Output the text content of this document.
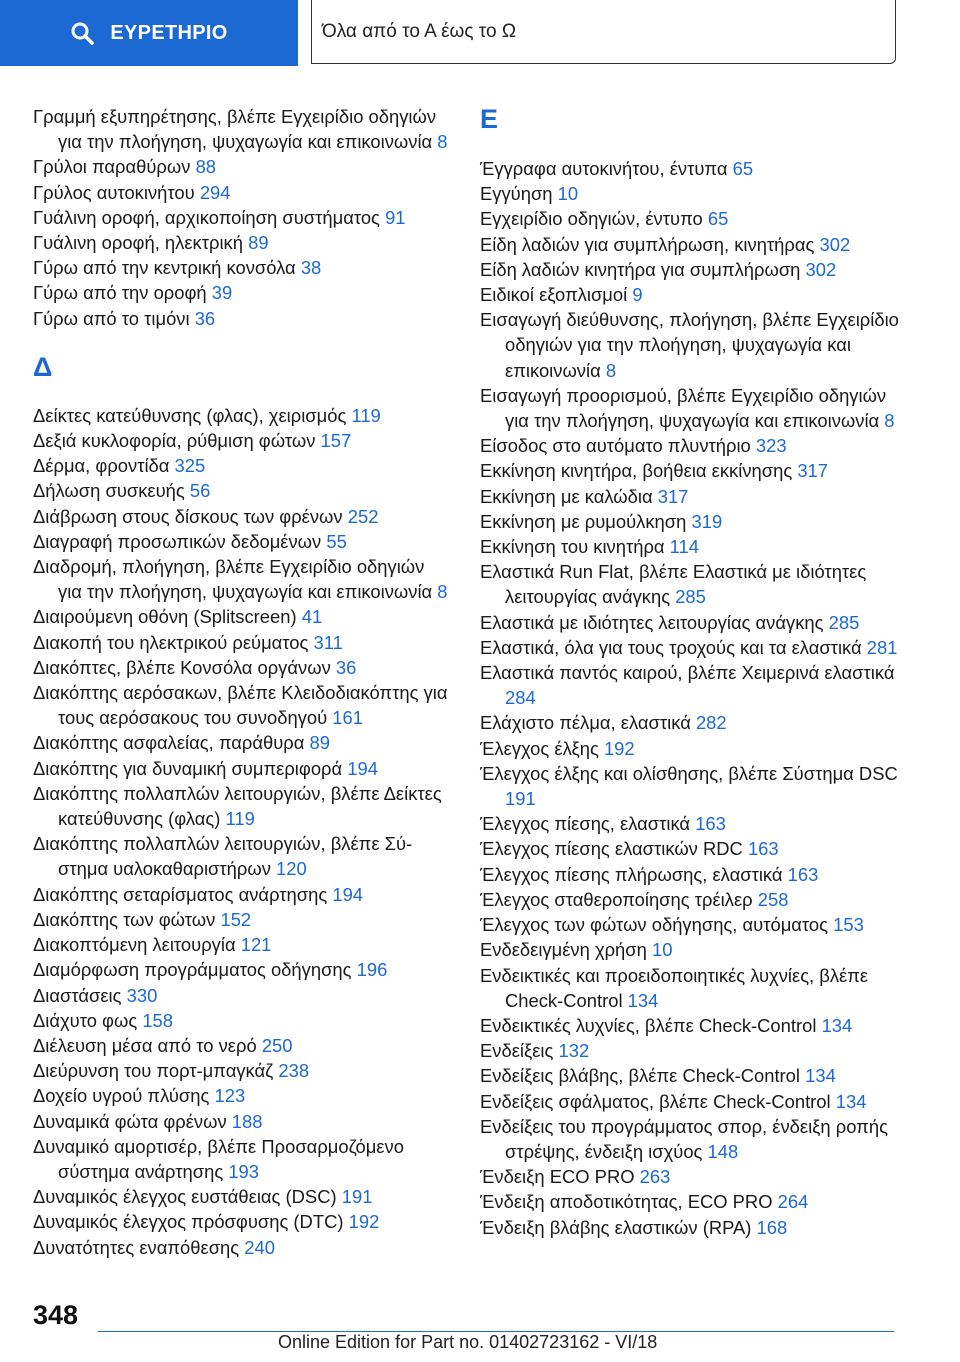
ΕΥΡΕΤΗΡΙΟ	Όλα από το Α έως το Ω
Γραμμή εξυπηρέτησης, βλέπε Εγχειρίδιο οδηγιών για την πλοήγηση, ψυχαγωγία και επικοινωνία 8
Γρύλοι παραθύρων 88
Γρύλος αυτοκινήτου 294
Γυάλινη οροφή, αρχικοποίηση συστήματος 91
Γυάλινη οροφή, ηλεκτρική 89
Γύρω από την κεντρική κονσόλα 38
Γύρω από την οροφή 39
Γύρω από το τιμόνι 36
Δ
Δείκτες κατεύθυνσης (φλας), χειρισμός 119
Δεξιά κυκλοφορία, ρύθμιση φώτων 157
Δέρμα, φροντίδα 325
Δήλωση συσκευής 56
Διάβρωση στους δίσκους των φρένων 252
Διαγραφή προσωπικών δεδομένων 55
Διαδρομή, πλοήγηση, βλέπε Εγχειρίδιο οδηγιών για την πλοήγηση, ψυχαγωγία και επικοινωνία 8
Διαιρούμενη οθόνη (Splitscreen) 41
Διακοπή του ηλεκτρικού ρεύματος 311
Διακόπτες, βλέπε Κονσόλα οργάνων 36
Διακόπτης αερόσακων, βλέπε Κλειδοδιακόπτης για τους αερόσακους του συνοδηγού 161
Διακόπτης ασφαλείας, παράθυρα 89
Διακόπτης για δυναμική συμπεριφορά 194
Διακόπτης πολλαπλών λειτουργιών, βλέπε Δείκτες κατεύθυνσης (φλας) 119
Διακόπτης πολλαπλών λειτουργιών, βλέπε Σύστημα υαλοκαθαριστήρων 120
Διακόπτης σεταρίσματος ανάρτησης 194
Διακόπτης των φώτων 152
Διακοπτόμενη λειτουργία 121
Διαμόρφωση προγράμματος οδήγησης 196
Διαστάσεις 330
Διάχυτο φως 158
Διέλευση μέσα από το νερό 250
Διεύρυνση του πορτ-μπαγκάζ 238
Δοχείο υγρού πλύσης 123
Δυναμικά φώτα φρένων 188
Δυναμικό αμορτισέρ, βλέπε Προσαρμοζόμενο σύστημα ανάρτησης 193
Δυναμικός έλεγχος ευστάθειας (DSC) 191
Δυναμικός έλεγχος πρόσφυσης (DTC) 192
Δυνατότητες εναπόθεσης 240
Ε
Έγγραφα αυτοκινήτου, έντυπα 65
Εγγύηση 10
Εγχειρίδιο οδηγιών, έντυπο 65
Είδη λαδιών για συμπλήρωση, κινητήρας 302
Είδη λαδιών κινητήρα για συμπλήρωση 302
Ειδικοί εξοπλισμοί 9
Εισαγωγή διεύθυνσης, πλοήγηση, βλέπε Εγχειρίδιο οδηγιών για την πλοήγηση, ψυχαγωγία και επικοινωνία 8
Εισαγωγή προορισμού, βλέπε Εγχειρίδιο οδηγιών για την πλοήγηση, ψυχαγωγία και επικοινωνία 8
Είσοδος στο αυτόματο πλυντήριο 323
Εκκίνηση κινητήρα, βοήθεια εκκίνησης 317
Εκκίνηση με καλώδια 317
Εκκίνηση με ρυμούλκηση 319
Εκκίνηση του κινητήρα 114
Ελαστικά Run Flat, βλέπε Ελαστικά με ιδιότητες λειτουργίας ανάγκης 285
Ελαστικά με ιδιότητες λειτουργίας ανάγκης 285
Ελαστικά, όλα για τους τροχούς και τα ελαστικά 281
Ελαστικά παντός καιρού, βλέπε Χειμερινά ελαστικά 284
Ελάχιστο πέλμα, ελαστικά 282
Έλεγχος έλξης 192
Έλεγχος έλξης και ολίσθησης, βλέπε Σύστημα DSC 191
Έλεγχος πίεσης, ελαστικά 163
Έλεγχος πίεσης ελαστικών RDC 163
Έλεγχος πίεσης πλήρωσης, ελαστικά 163
Έλεγχος σταθεροποίησης τρέιλερ 258
Έλεγχος των φώτων οδήγησης, αυτόματος 153
Ενδεδειγμένη χρήση 10
Ενδεικτικές και προειδοποιητικές λυχνίες, βλέπε Check-Control 134
Ενδεικτικές λυχνίες, βλέπε Check-Control 134
Ενδείξεις 132
Ενδείξεις βλάβης, βλέπε Check-Control 134
Ενδείξεις σφάλματος, βλέπε Check-Control 134
Ενδείξεις του προγράμματος σπορ, ένδειξη ροπής στρέψης, ένδειξη ισχύος 148
Ένδειξη ECO PRO 263
Ένδειξη αποδοτικότητας, ECO PRO 264
Ένδειξη βλάβης ελαστικών (RPA) 168
348
Online Edition for Part no. 01402723162 - VI/18
